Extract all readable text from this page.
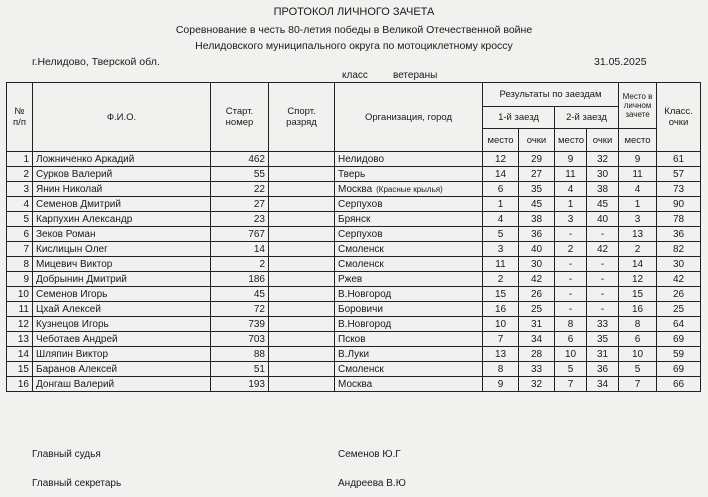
ПРОТОКОЛ ЛИЧНОГО ЗАЧЕТА
Соревнование в честь 80-летия победы в Великой Отечественной войне
Нелидовского муниципального округа по мотоциклетному кроссу
г.Нелидово, Тверской обл.	31.05.2025
класс	ветераны
№ п/п	Ф.И.О.	Старт. номер	Спорт. разряд	Организация, город	Результаты по заездам				Место в личном зачете	Класс. очки
					1-й заезд		2-й заезд			
					место	очки	место	очки	место	
1	Ложниченко Аркадий	462		Нелидово	12	29	9	32	9	61
2	Сурков Валерий	55		Тверь	14	27	11	30	11	57
3	Янин Николай	22		Москва (Красные крылья)	6	35	4	38	4	73
4	Семенов Дмитрий	27		Серпухов	1	45	1	45	1	90
5	Карпухин Александр	23		Брянск	4	38	3	40	3	78
6	Зеков Роман	767		Серпухов	5	36	-	-	13	36
7	Кислицын Олег	14		Смоленск	3	40	2	42	2	82
8	Мицевич Виктор	2		Смоленск	11	30	-	-	14	30
9	Добрынин Дмитрий	186		Ржев	2	42	-	-	12	42
10	Семенов Игорь	45		В.Новгород	15	26	-	-	15	26
11	Цхай Алексей	72		Боровичи	16	25	-	-	16	25
12	Кузнецов Игорь	739		В.Новгород	10	31	8	33	8	64
13	Чеботаев Андрей	703		Псков	7	34	6	35	6	69
14	Шляпин Виктор	88		В.Луки	13	28	10	31	10	59
15	Баранов Алексей	51		Смоленск	8	33	5	36	5	69
16	Донгаш Валерий	193		Москва	9	32	7	34	7	66
Главный судья	Семенов Ю.Г
Главный секретарь	Андреева В.Ю
